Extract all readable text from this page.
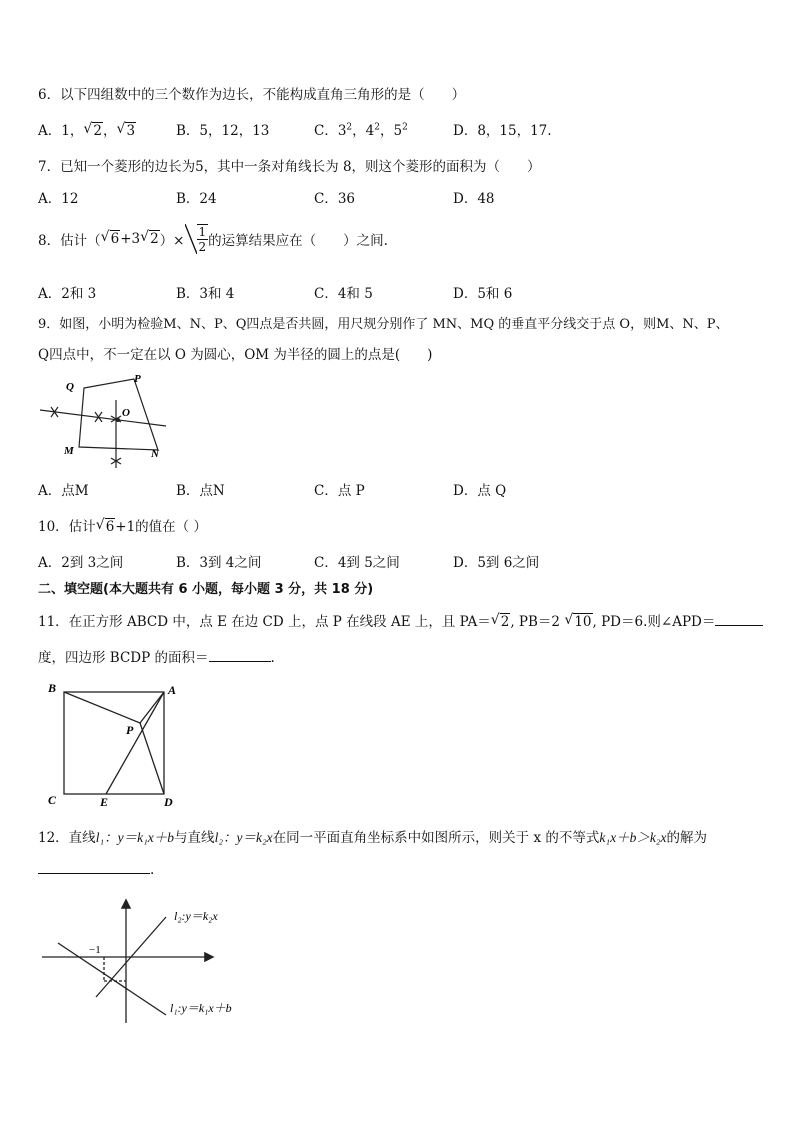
6．以下四组数中的三个数作为边长，不能构成直角三角形的是（　　）
A．1， √ 2， √ 3	B．5，12，13	C．$3^2$，$4^2$，$5^2$	D．8，15，17.
7．已知一个菱形的边长为5，其中一条对角线长为 8，则这个菱形的面积为（　　）
A．12	B．24	C．36	D．48
8．估计（ √ 6 +3 √ 2 ）× $\frac{1}{2}$ 的运算结果应在（　　）之间.
A．2和 3	B．3和 4	C．4和 5	D．5和 6
9．如图，小明为检验M、N、P、Q四点是否共圆，用尺规分别作了 MN、MQ 的垂直平分线交于点 O，则M、N、P、
Q四点中，不一定在以 O 为圆心，OM 为半径的圆上的点是(　　)
Q
P
O
M	N
A．点M	B．点N	C．点 P	D．点 Q
10．估计 √ 6+1的值在（ ）
A．2到 3之间	B．3到 4之间	C．4到 5之间	D．5到 6之间
二、填空题(本大题共有 6 小题，每小题 3 分，共 18 分)
11．在正方形 ABCD 中，点 E 在边 CD 上，点 P 在线段 AE 上，且 PA＝ √ 2, PB＝2 √ 10, PD＝6.则∠APD＝
度，四边形 BCDP 的面积＝	.
B	A
P
C	E	D
12．直线l₁：y＝k₁x＋b与直线l₂：y＝k₂x在同一平面直角坐标系中如图所示，则关于 x 的不等式k₁x＋b＞k₂x的解为
.
−1
l₂:y＝k₂x
l₁:y＝k₁x＋b
